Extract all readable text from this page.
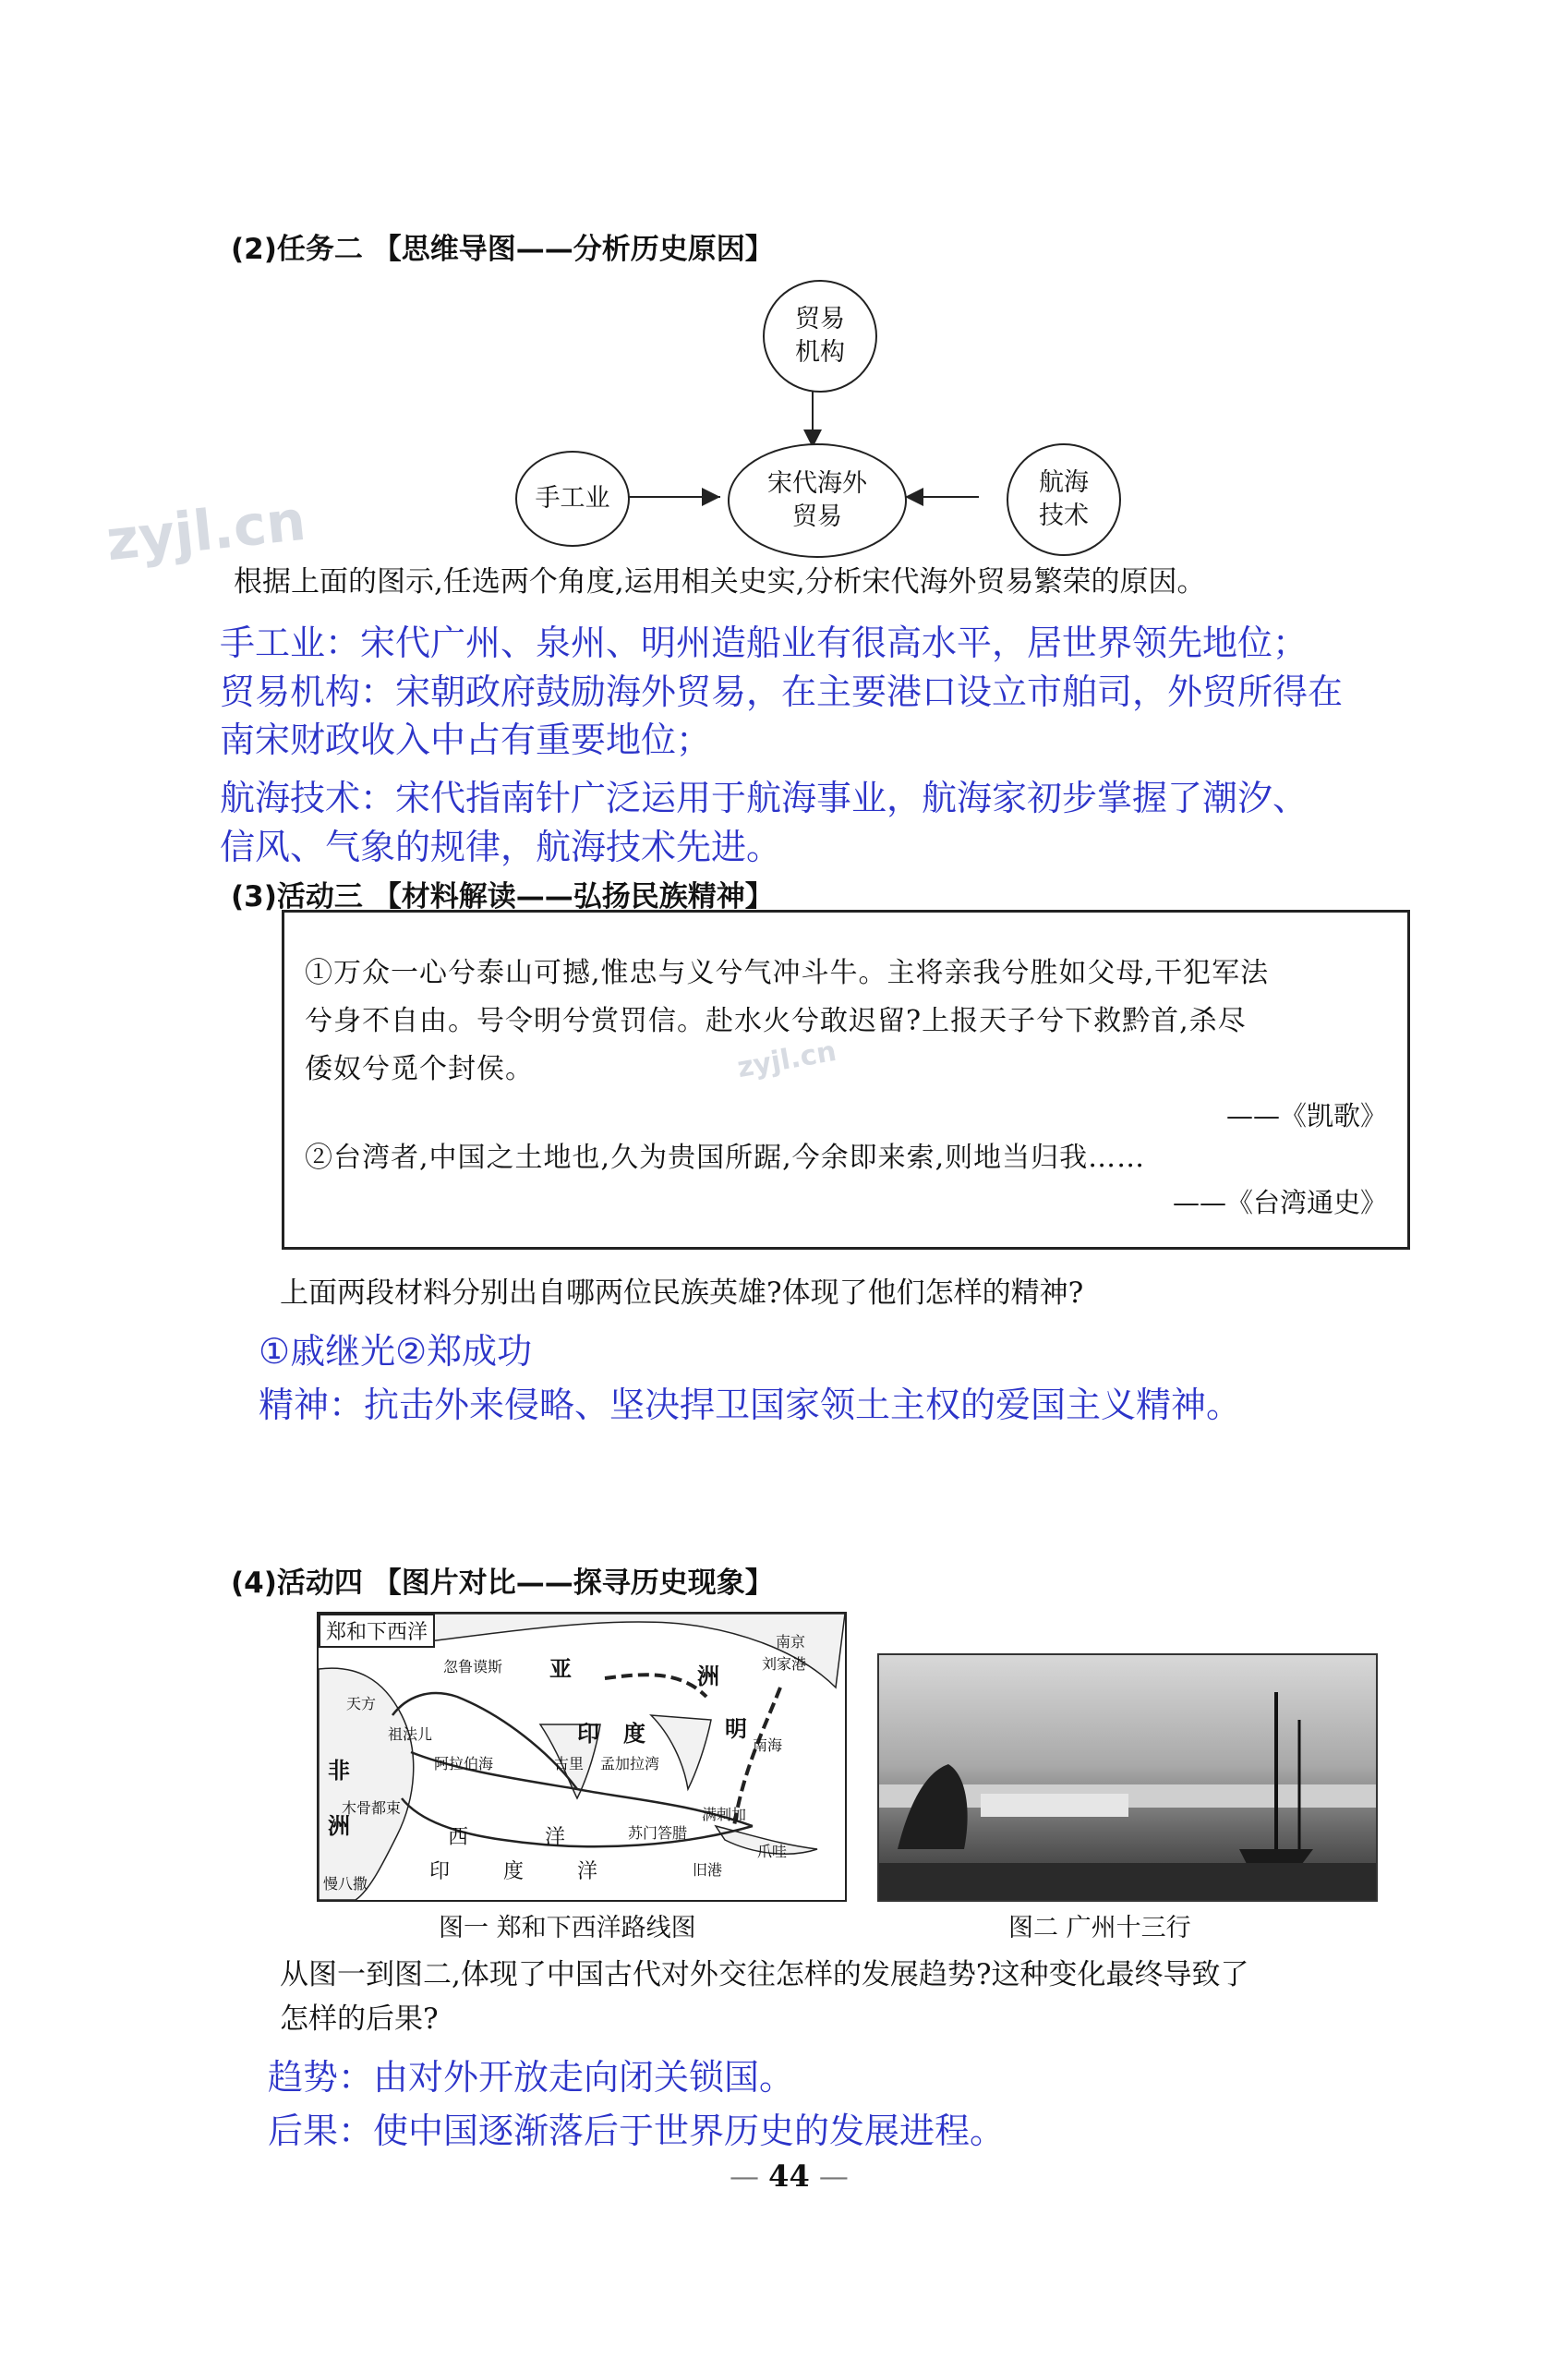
(2)任务二 【思维导图——分析历史原因】
贸易
机构
手工业
宋代海外
贸易
航海
技术
zyjl.cn
根据上面的图示,任选两个角度,运用相关史实,分析宋代海外贸易繁荣的原因。
手工业：宋代广州、泉州、明州造船业有很高水平，居世界领先地位；
贸易机构：宋朝政府鼓励海外贸易，在主要港口设立市舶司，外贸所得在
南宋财政收入中占有重要地位；
航海技术：宋代指南针广泛运用于航海事业，航海家初步掌握了潮汐、
信风、气象的规律，航海技术先进。
(3)活动三 【材料解读——弘扬民族精神】
①万众一心兮泰山可撼,惟忠与义兮气冲斗牛。主将亲我兮胜如父母,干犯军法
兮身不自由。号令明兮赏罚信。赴水火兮敢迟留?上报天子兮下救黔首,杀尽
倭奴兮觅个封侯。	zyjl.cn
——《凯歌》
②台湾者,中国之土地也,久为贵国所踞,今余即来索,则地当归我……
——《台湾通史》
上面两段材料分别出自哪两位民族英雄?体现了他们怎样的精神?
①戚继光②郑成功
精神：抗击外来侵略、坚决捍卫国家领土主权的爱国主义精神。
(4)活动四 【图片对比——探寻历史现象】
郑和下西洋
亚	洲
印 度	明
南京
刘家港
非
洲
天方
忽鲁谟斯
祖法儿
阿拉伯海	古里 孟加拉湾
南海
木骨都束
西	洋
印	度	洋
苏门答腊
满剌加
旧港
爪哇
慢八撒
图一 郑和下西洋路线图	图二 广州十三行
从图一到图二,体现了中国古代对外交往怎样的发展趋势?这种变化最终导致了
怎样的后果?
趋势：由对外开放走向闭关锁国。
后果：使中国逐渐落后于世界历史的发展进程。
— 44 —
